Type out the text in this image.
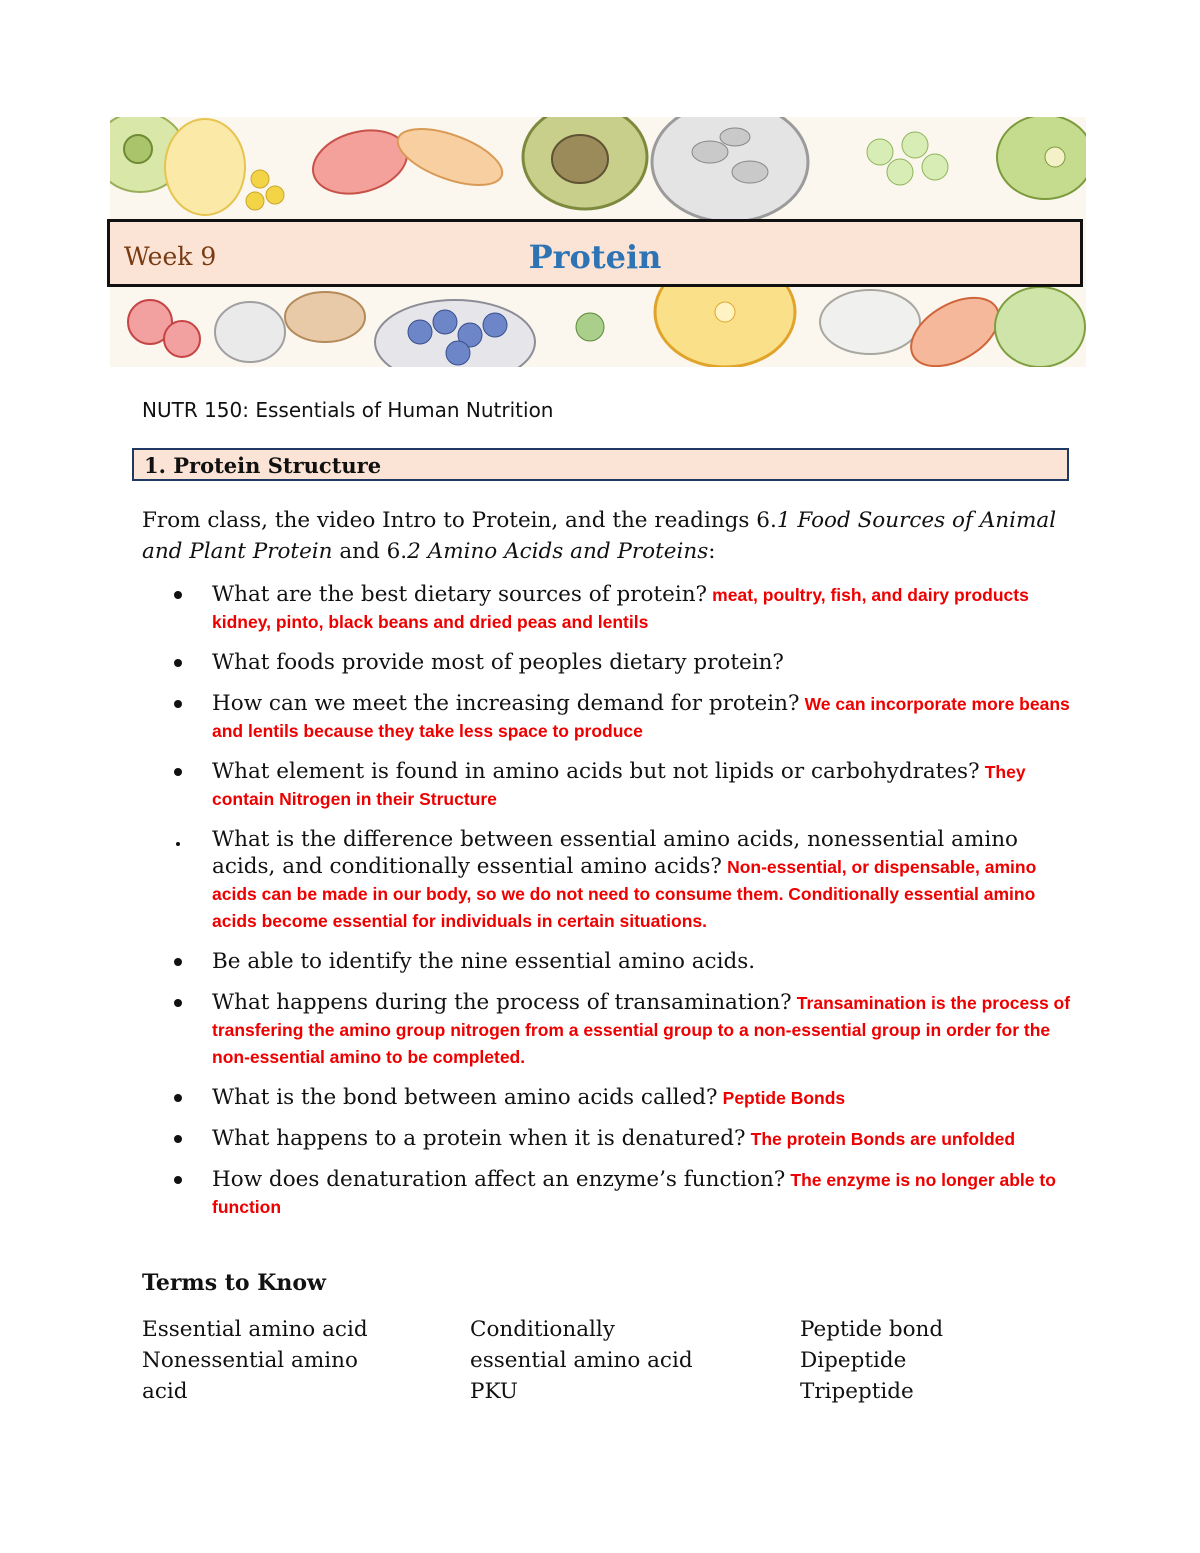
Week 9	Protein
NUTR 150: Essentials of Human Nutrition
1. Protein Structure
From class, the video Intro to Protein, and the readings 6.1 Food Sources of Animal and Plant Protein and 6.2 Amino Acids and Proteins:
What are the best dietary sources of protein? meat, poultry, fish, and dairy products kidney, pinto, black beans and dried peas and lentils
What foods provide most of peoples dietary protein?
How can we meet the increasing demand for protein? We can incorporate more beans and lentils because they take less space to produce
What element is found in amino acids but not lipids or carbohydrates? They contain Nitrogen in their Structure
What is the difference between essential amino acids, nonessential amino acids, and conditionally essential amino acids? Non-essential, or dispensable, amino acids can be made in our body, so we do not need to consume them. Conditionally essential amino acids become essential for individuals in certain situations.
Be able to identify the nine essential amino acids.
What happens during the process of transamination? Transamination is the process of transfering the amino group nitrogen from a essential group to a non-essential group in order for the non-essential amino to be completed.
What is the bond between amino acids called? Peptide Bonds
What happens to a protein when it is denatured? The protein Bonds are unfolded
How does denaturation affect an enzyme’s function? The enzyme is no longer able to function
Terms to Know
Essential amino acid
Nonessential amino
acid
Conditionally
essential amino acid
PKU
Peptide bond
Dipeptide
Tripeptide
